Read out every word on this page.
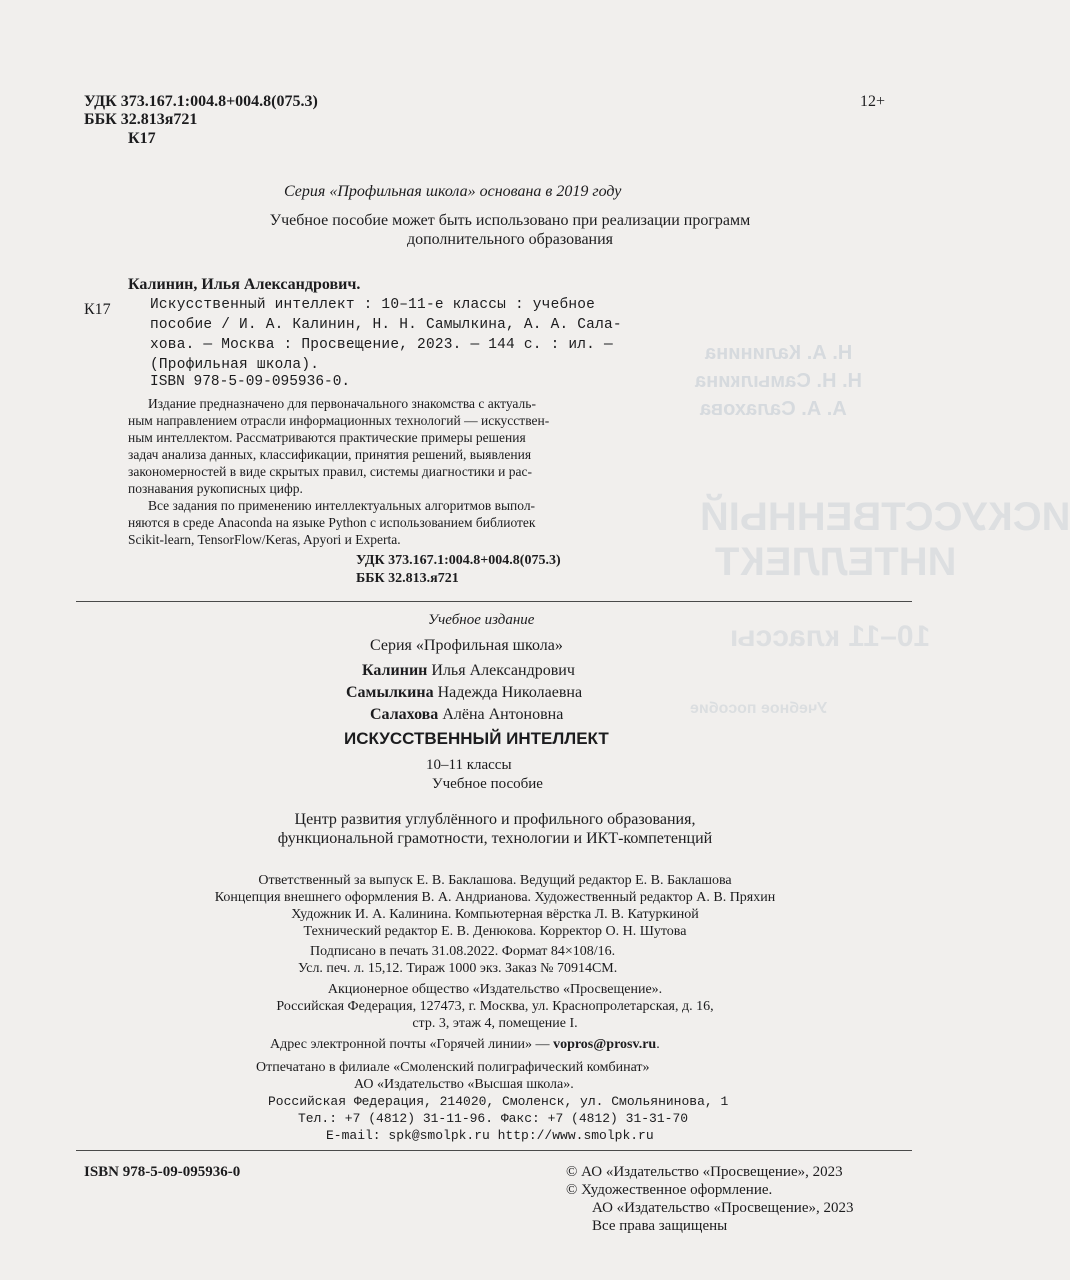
Н. А. Калинина
Н. Н. Самылкина
А. А. Салахова
ИСКУССТВЕННЫЙ
ИНТЕЛЛЕКТ
10–11 классы
Учебное пособие
УДК 373.167.1:004.8+004.8(075.3)
ББК 32.813я721
К17
12+
Серия «Профильная школа» основана в 2019 году
Учебное пособие может быть использовано при реализации программ
дополнительного образования
Калинин, Илья Александрович.
К17	Искусственный интеллект : 10–11-е классы : учебное
пособие / И. А. Калинин, Н. Н. Самылкина, А. А. Сала-
хова. — Москва : Просвещение, 2023. — 144 с. : ил. —
(Профильная школа).
ISBN 978-5-09-095936-0.
Издание предназначено для первоначального знакомства с актуаль-
ным направлением отрасли информационных технологий — искусствен-
ным интеллектом. Рассматриваются практические примеры решения
задач анализа данных, классификации, принятия решений, выявления
закономерностей в виде скрытых правил, системы диагностики и рас-
познавания рукописных цифр.
Все задания по применению интеллектуальных алгоритмов выпол-
няются в среде Anaconda на языке Python с использованием библиотек
Scikit-learn, TensorFlow/Keras, Apyori и Experta.
УДК 373.167.1:004.8+004.8(075.3)
ББК 32.813.я721
Учебное издание
Серия «Профильная школа»
Калинин Илья Александрович
Самылкина Надежда Николаевна
Салахова Алёна Антоновна
ИСКУССТВЕННЫЙ ИНТЕЛЛЕКТ
10–11 классы
Учебное пособие
Центр развития углублённого и профильного образования,
функциональной грамотности, технологии и ИКТ-компетенций
Ответственный за выпуск Е. В. Баклашова. Ведущий редактор Е. В. Баклашова
Концепция внешнего оформления В. А. Андрианова. Художественный редактор А. В. Пряхин
Художник И. А. Калинина. Компьютерная вёрстка Л. В. Катуркиной
Технический редактор Е. В. Денюкова. Корректор О. Н. Шутова
Подписано в печать 31.08.2022. Формат 84×108/16.
Усл. печ. л. 15,12. Тираж 1000 экз. Заказ № 70914СМ.
Акционерное общество «Издательство «Просвещение».
Российская Федерация, 127473, г. Москва, ул. Краснопролетарская, д. 16,
стр. 3, этаж 4, помещение I.
Адрес электронной почты «Горячей линии» — vopros@prosv.ru.
Отпечатано в филиале «Смоленский полиграфический комбинат»
АО «Издательство «Высшая школа».
Российская Федерация, 214020, Смоленск, ул. Смольянинова, 1
Тел.: +7 (4812) 31-11-96. Факс: +7 (4812) 31-31-70
E-mail: spk@smolpk.ru http://www.smolpk.ru
ISBN 978-5-09-095936-0	© АО «Издательство «Просвещение», 2023
© Художественное оформление.
АО «Издательство «Просвещение», 2023
Все права защищены
